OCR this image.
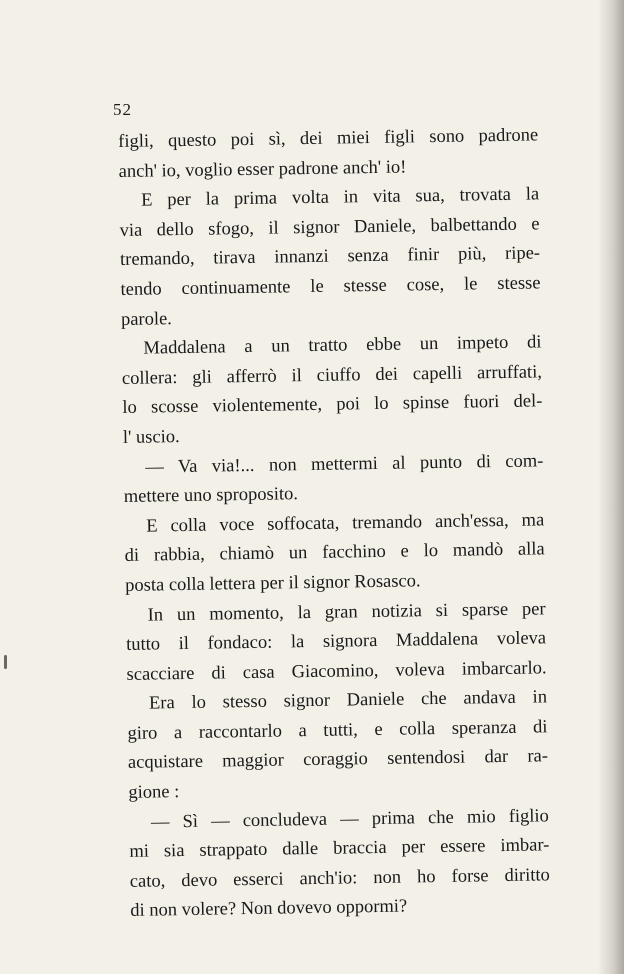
52
figli, questo poi sì, dei miei figli sono padrone
anch' io, voglio esser padrone anch' io!
E per la prima volta in vita sua, trovata la
via dello sfogo, il signor Daniele, balbettando e
tremando, tirava innanzi senza finir più, ripe-
tendo continuamente le stesse cose, le stesse
parole.
Maddalena a un tratto ebbe un impeto di
collera: gli afferrò il ciuffo dei capelli arruffati,
lo scosse violentemente, poi lo spinse fuori del-
l' uscio.
— Va via!... non mettermi al punto di com-
mettere uno sproposito.
E colla voce soffocata, tremando anch'essa, ma
di rabbia, chiamò un facchino e lo mandò alla
posta colla lettera per il signor Rosasco.
In un momento, la gran notizia si sparse per
tutto il fondaco: la signora Maddalena voleva
scacciare di casa Giacomino, voleva imbarcarlo.
Era lo stesso signor Daniele che andava in
giro a raccontarlo a tutti, e colla speranza di
acquistare maggior coraggio sentendosi dar ra-
gione :
— Sì — concludeva — prima che mio figlio
mi sia strappato dalle braccia per essere imbar-
cato, devo esserci anch'io: non ho forse diritto
di non volere? Non dovevo oppormi?
